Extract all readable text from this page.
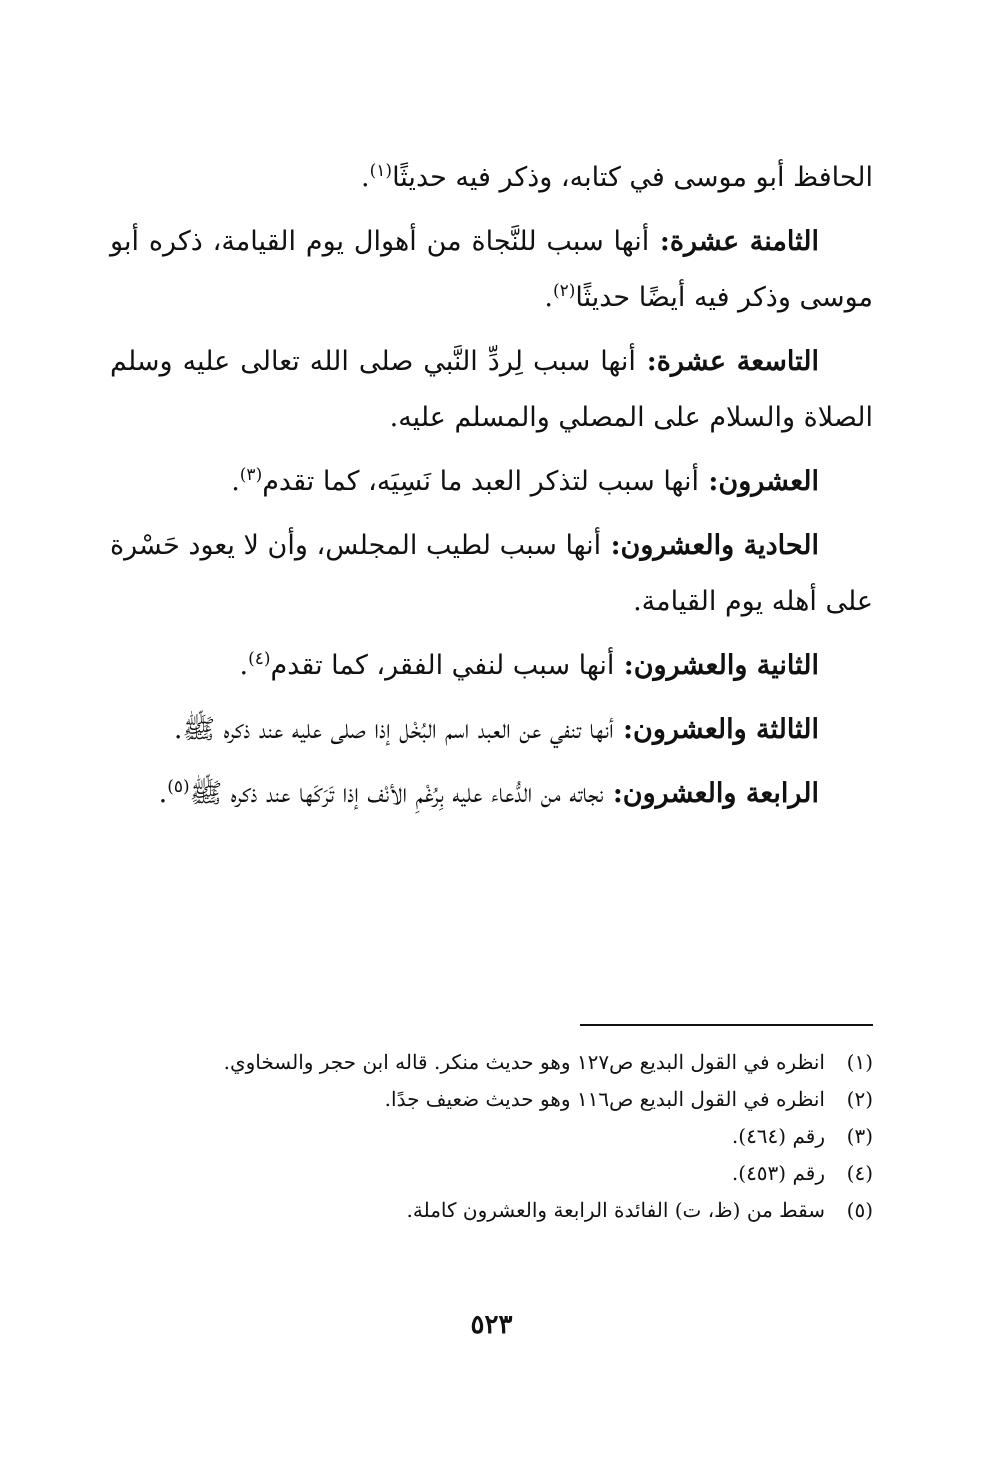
الحافظ أبو موسى في كتابه، وذكر فيه حديثًا$^{(١)}$.

الثامنة عشرة: أنها سبب للنَّجاة من أهوال يوم القيامة، ذكره أبو موسى وذكر فيه أيضًا حديثًا$^{(٢)}$.

التاسعة عشرة: أنها سبب لِردِّ النَّبي صلى الله تعالى عليه وسلم الصلاة والسلام على المصلي والمسلم عليه.

العشرون: أنها سبب لتذكر العبد ما نَسِيَه، كما تقدم$^{(٣)}$.

الحادية والعشرون: أنها سبب لطيب المجلس، وأن لا يعود حَسْرة على أهله يوم القيامة.

الثانية والعشرون: أنها سبب لنفي الفقر، كما تقدم$^{(٤)}$.

الثالثة والعشرون: أنها تنفي عن العبد اسم البُخْل إذا صلى عليه عند ذكره ﷺ.

الرابعة والعشرون: نجاته من الدُّعاء عليه بِرُغْمِ الأنْف إذا تَرَكَها عند ذكره ﷺ$^{(٥)}$.

(١)
انظره في القول البديع ص١٢٧ وهو حديث منكر. قاله ابن حجر والسخاوي.
(٢)
انظره في القول البديع ص١١٦ وهو حديث ضعيف جدًا.
(٣)
رقم (٤٦٤).
(٤)
رقم (٤٥٣).
(٥)
سقط من (ظ، ت) الفائدة الرابعة والعشرون كاملة.
٥٢٣
